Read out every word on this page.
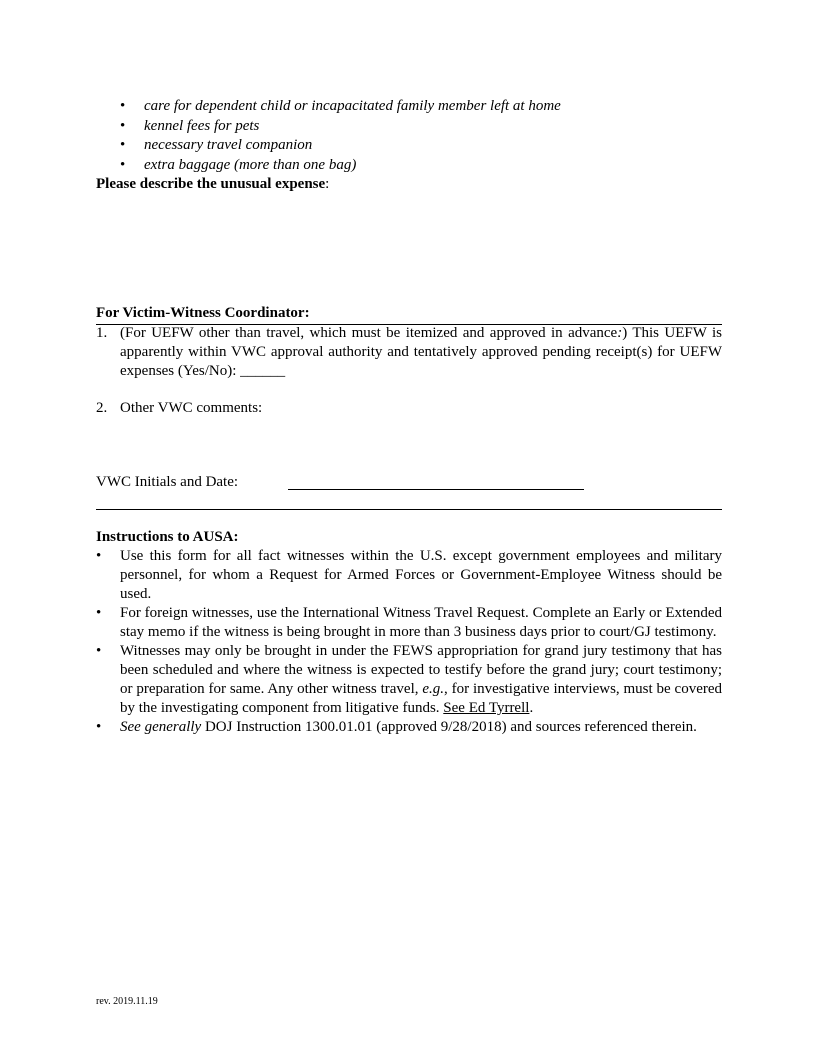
• care for dependent child or incapacitated family member left at home
• kennel fees for pets
• necessary travel companion
• extra baggage (more than one bag)
Please describe the unusual expense:
For Victim-Witness Coordinator:
1. (For UEFW other than travel, which must be itemized and approved in advance:) This UEFW is apparently within VWC approval authority and tentatively approved pending receipt(s) for UEFW expenses (Yes/No): ______
2. Other VWC comments:
VWC Initials and Date:
Instructions to AUSA:
• Use this form for all fact witnesses within the U.S. except government employees and military personnel, for whom a Request for Armed Forces or Government-Employee Witness should be used.
• For foreign witnesses, use the International Witness Travel Request. Complete an Early or Extended stay memo if the witness is being brought in more than 3 business days prior to court/GJ testimony.
• Witnesses may only be brought in under the FEWS appropriation for grand jury testimony that has been scheduled and where the witness is expected to testify before the grand jury; court testimony; or preparation for same. Any other witness travel, e.g., for investigative interviews, must be covered by the investigating component from litigative funds. See Ed Tyrrell.
• See generally DOJ Instruction 1300.01.01 (approved 9/28/2018) and sources referenced therein.
rev. 2019.11.19
